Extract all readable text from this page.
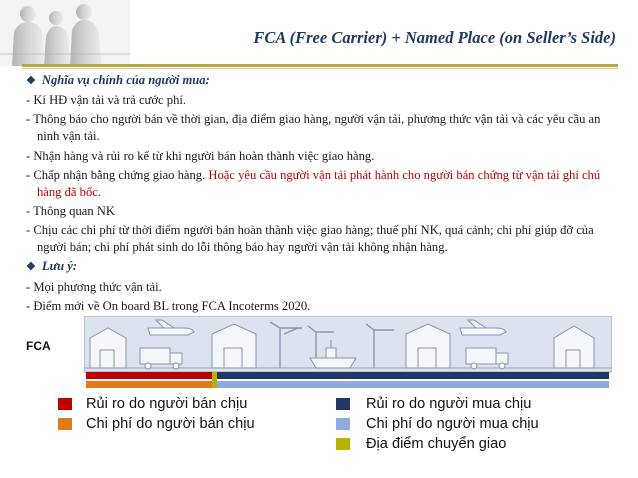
FCA (Free Carrier) + Named Place (on Seller’s Side)

❖ Nghĩa vụ chính của người mua:

- Kí HĐ vận tải và trả cước phí.

- Thông báo cho người bán về thời gian, địa điểm giao hàng, người vận tải, phương thức vận tải và các yêu cầu an ninh vận tải.

- Nhận hàng và rủi ro kể từ khi người bán hoàn thành việc giao hàng.

- Chấp nhận bằng chứng giao hàng. Hoặc yêu cầu người vận tải phát hành cho người bán chứng từ vận tải ghi chú hàng đã bốc.

- Thông quan NK

- Chịu các chi phí từ thời điểm người bán hoàn thành việc giao hàng; thuế phí NK, quá cảnh; chi phí giúp đỡ của người bán; chi phí phát sinh do lỗi thông báo hay người vận tải không nhận hàng.

❖ Lưu ý:

- Mọi phương thức vận tải.

- Điểm mới về On board BL trong FCA Incoterms 2020.

FCA
Rủi ro do người bán chịu
Chi phí do người bán chịu
Rủi ro do người mua chịu
Chi phí do người mua chịu
Địa điểm chuyển giao
